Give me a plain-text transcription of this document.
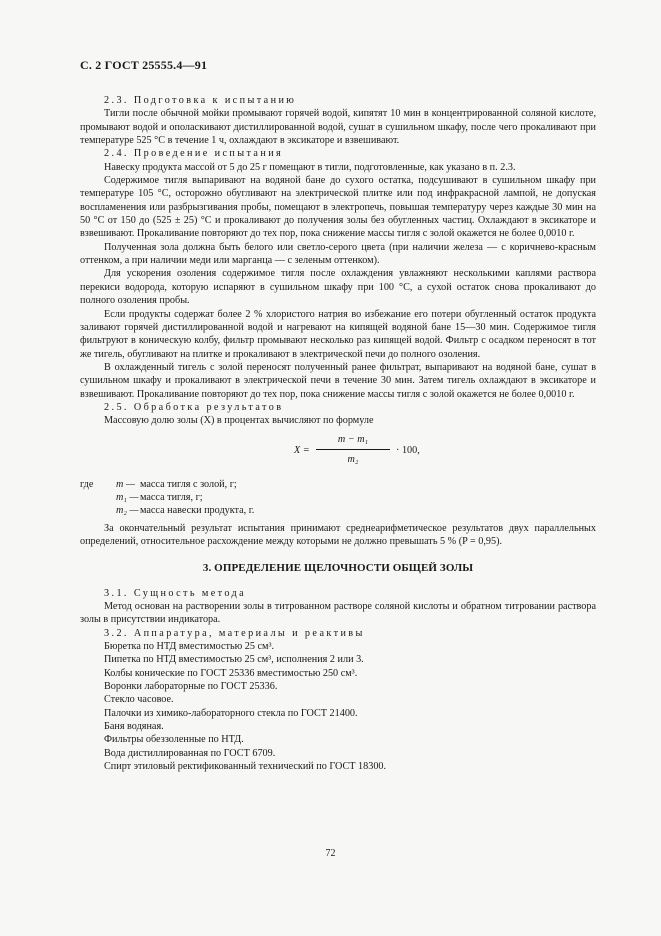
С. 2 ГОСТ 25555.4—91

2.3. Подготовка к испытанию

Тигли после обычной мойки промывают горячей водой, кипятят 10 мин в концентрированной соляной кислоте, промывают водой и ополаскивают дистиллированной водой, сушат в сушильном шкафу, после чего прокаливают при температуре 525 °С в течение 1 ч, охлаждают в эксикаторе и взвешивают.

2.4. Проведение испытания

Навеску продукта массой от 5 до 25 г помещают в тигли, подготовленные, как указано в п. 2.3.

Содержимое тигля выпаривают на водяной бане до сухого остатка, подсушивают в сушильном шкафу при температуре 105 °С, осторожно обугливают на электрической плитке или под инфракрасной лампой, не допуская воспламенения или разбрызгивания пробы, помещают в электропечь, повышая температуру через каждые 30 мин на 50 °С от 150 до (525 ± 25) °С и прокаливают до получения золы без обугленных частиц. Охлаждают в эксикаторе и взвешивают. Прокаливание повторяют до тех пор, пока снижение массы тигля с золой окажется не более 0,0010 г.

Полученная зола должна быть белого или светло-серого цвета (при наличии железа — с коричнево-красным оттенком, а при наличии меди или марганца — с зеленым оттенком).

Для ускорения озоления содержимое тигля после охлаждения увлажняют несколькими каплями раствора перекиси водорода, которую испаряют в сушильном шкафу при 100 °С, а сухой остаток снова прокаливают до полного озоления пробы.

Если продукты содержат более 2 % хлористого натрия во избежание его потери обугленный остаток продукта заливают горячей дистиллированной водой и нагревают на кипящей водяной бане 15—30 мин. Содержимое тигля фильтруют в коническую колбу, фильтр промывают несколько раз кипящей водой. Фильтр с осадком переносят в тот же тигель, обугливают на плитке и прокаливают в электрической печи до полного озоления.

В охлажденный тигель с золой переносят полученный ранее фильтрат, выпаривают на водяной бане, сушат в сушильном шкафу и прокаливают в электрической печи в течение 30 мин. Затем тигель охлаждают в эксикаторе и взвешивают. Прокаливание повторяют до тех пор, пока снижение массы тигля с золой окажется не более 0,0010 г.

2.5. Обработка результатов

Массовую долю золы (X) в процентах вычисляют по формуле

X =
m − m₁
m₂
· 100,
где	m — масса тигля с золой, г;
m₁ — масса тигля, г;
m₂ — масса навески продукта, г.

За окончательный результат испытания принимают среднеарифметическое результатов двух параллельных определений, относительное расхождение между которыми не должно превышать 5 % (P = 0,95).

3. ОПРЕДЕЛЕНИЕ ЩЕЛОЧНОСТИ ОБЩЕЙ ЗОЛЫ

3.1. Сущность метода

Метод основан на растворении золы в титрованном растворе соляной кислоты и обратном титровании раствора золы в присутствии индикатора.

3.2. Аппаратура, материалы и реактивы

Бюретка по НТД вместимостью 25 см³.

Пипетка по НТД вместимостью 25 см³, исполнения 2 или 3.

Колбы конические по ГОСТ 25336 вместимостью 250 см³.

Воронки лабораторные по ГОСТ 25336.

Стекло часовое.

Палочки из химико-лабораторного стекла по ГОСТ 21400.

Баня водяная.

Фильтры обеззоленные по НТД.

Вода дистиллированная по ГОСТ 6709.

Спирт этиловый ректификованный технический по ГОСТ 18300.

72
